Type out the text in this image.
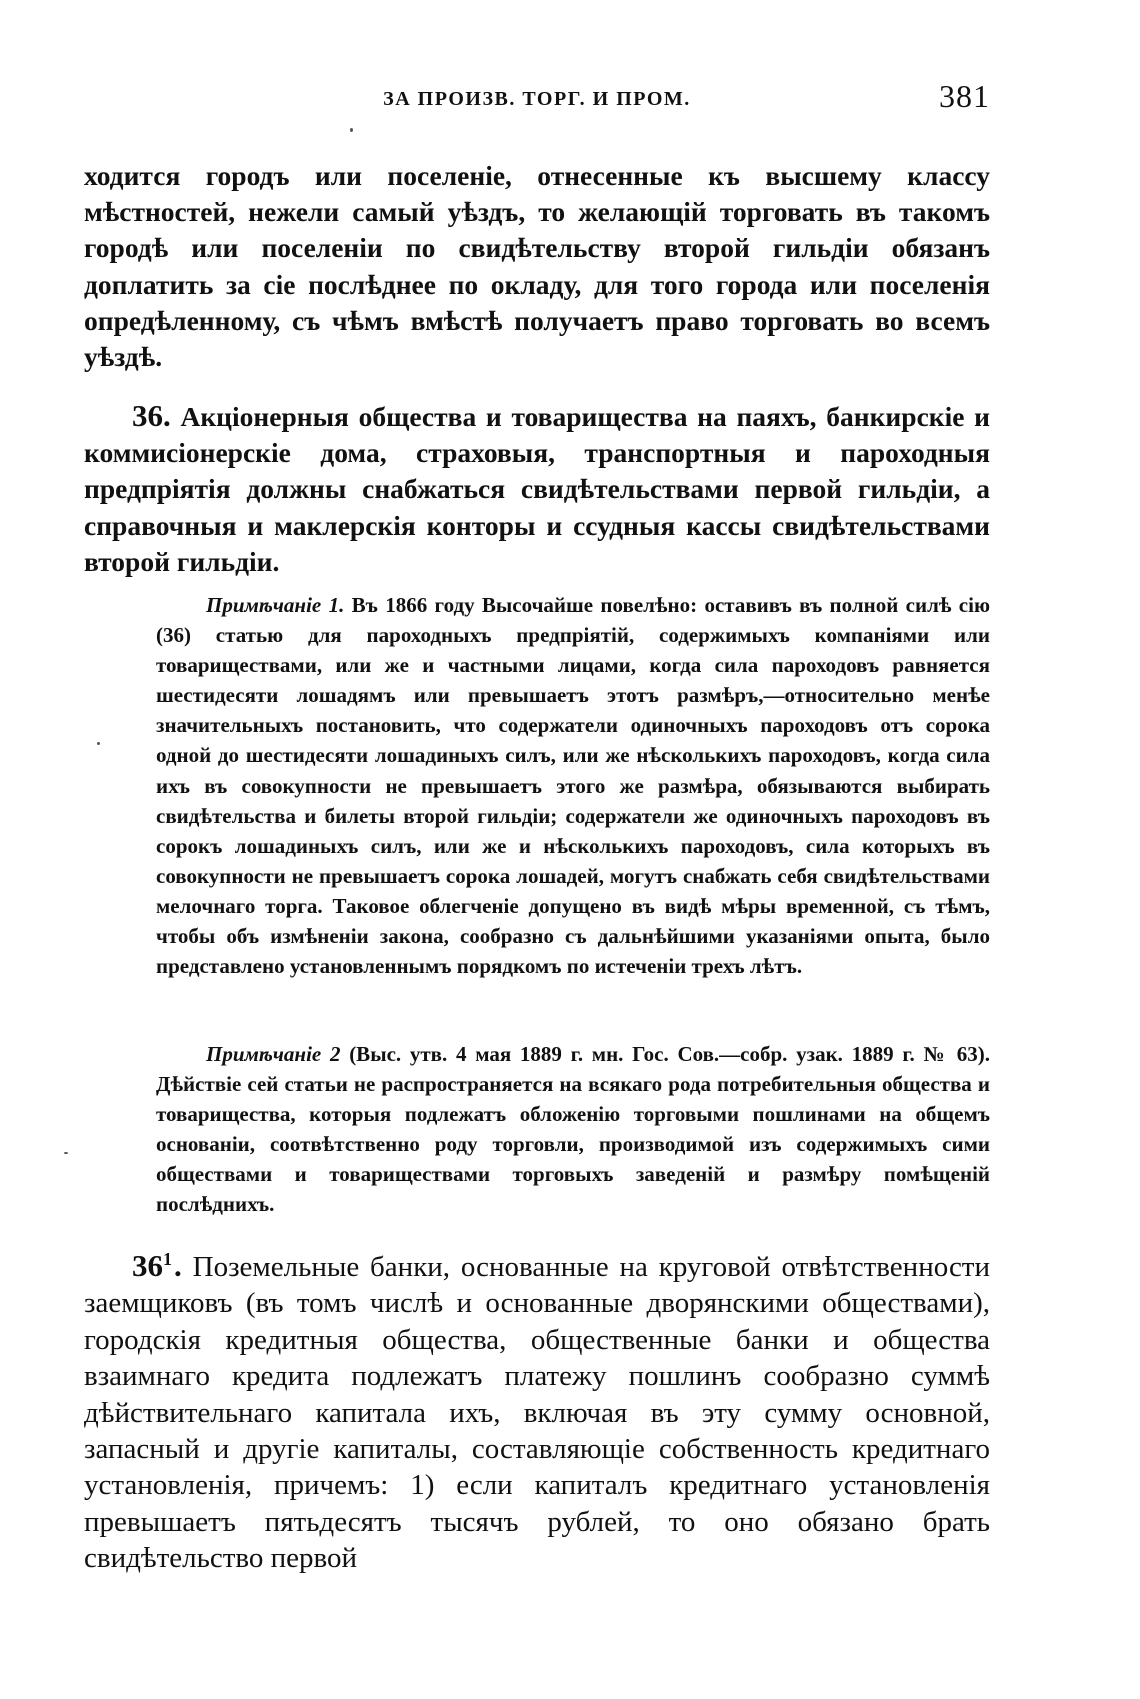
ЗА ПРОИЗВ. ТОРГ. И ПРОМ.	381

ходится городъ или поселеніе, отнесенные къ высшему классу мѣстностей, нежели самый уѣздъ, то желающій торговать въ такомъ городѣ или поселеніи по свидѣтельству второй гильдіи обязанъ доплатить за сіе послѣднее по окладу, для того города или поселенія опредѣленному, съ чѣмъ вмѣстѣ получаетъ право торговать во всемъ уѣздѣ.

36. Акціонерныя общества и товарищества на паяхъ, банкирскіе и коммисіонерскіе дома, страховыя, транспортныя и пароходныя предпріятія должны снабжаться свидѣтельствами первой гильдіи, а справочныя и маклерскія конторы и ссудныя кассы свидѣтельствами второй гильдіи.

Примѣчаніе 1. Въ 1866 году Высочайше повелѣно: оставивъ въ полной силѣ сію (36) статью для пароходныхъ предпріятій, содержимыхъ компаніями или товариществами, или же и частными лицами, когда сила пароходовъ равняется шестидесяти лошадямъ или превышаетъ этотъ размѣръ,—относительно менѣе значительныхъ постановить, что содержатели одиночныхъ пароходовъ отъ сорока одной до шестидесяти лошадиныхъ силъ, или же нѣсколькихъ пароходовъ, когда сила ихъ въ совокупности не превышаетъ этого же размѣра, обязываются выбирать свидѣтельства и билеты второй гильдіи; содержатели же одиночныхъ пароходовъ въ сорокъ лошадиныхъ силъ, или же и нѣсколькихъ пароходовъ, сила которыхъ въ совокупности не превышаетъ сорока лошадей, могутъ снабжать себя свидѣтельствами мелочнаго торга. Таковое облегченіе допущено въ видѣ мѣры временной, съ тѣмъ, чтобы объ измѣненіи закона, сообразно съ дальнѣйшими указаніями опыта, было представлено установленнымъ порядкомъ по истеченіи трехъ лѣтъ.

Примѣчаніе 2 (Выс. утв. 4 мая 1889 г. мн. Гос. Сов.—собр. узак. 1889 г. № 63). Дѣйствіе сей статьи не распространяется на всякаго рода потребительныя общества и товарищества, которыя подлежатъ обложенію торговыми пошлинами на общемъ основаніи, соотвѣтственно роду торговли, производимой изъ содержимыхъ сими обществами и товариществами торговыхъ заведеній и размѣру помѣщеній послѣднихъ.

$36^1$. Поземельные банки, основанные на круговой отвѣтственности заемщиковъ (въ томъ числѣ и основанные дворянскими обществами), городскія кредитныя общества, общественные банки и общества взаимнаго кредита подлежатъ платежу пошлинъ сообразно суммѣ дѣйствительнаго капитала ихъ, включая въ эту сумму основной, запасный и другіе капиталы, составляющіе собственность кредитнаго установленія, причемъ: 1) если капиталъ кредитнаго установленія превышаетъ пятьдесятъ тысячъ рублей, то оно обязано брать свидѣтельство первой
